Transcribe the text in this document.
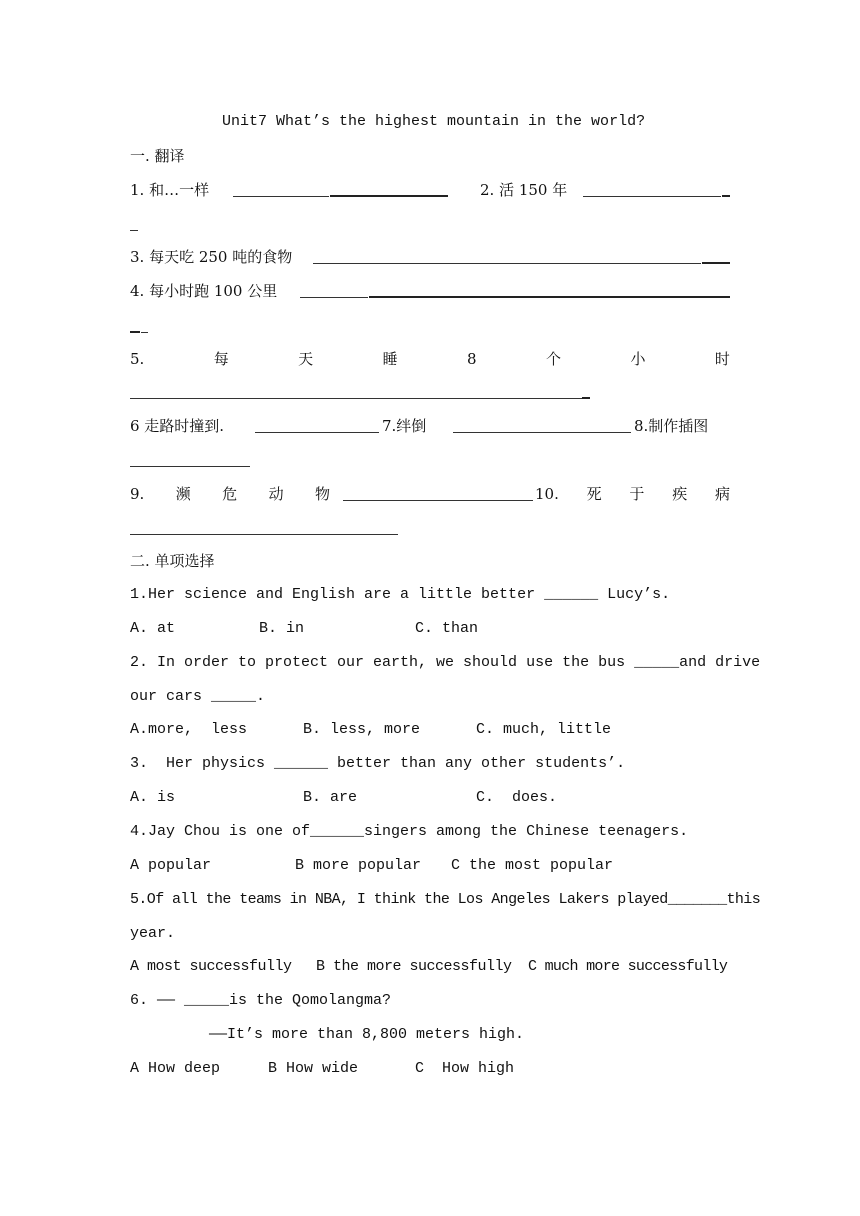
Unit7 What’s the highest mountain in the world?
一. 翻译
1. 和…一样	2. 活 150 年
3. 每天吃 250 吨的食物
4. 每小时跑 100 公里
5.	每	天	睡	8	个	小	时
6 走路时撞到.	7.绊倒	8.制作插图
9. 濒 危 动 物	10. 死 于 疾 病
二. 单项选择
1.Her science and English are a little better ______ Lucy’s.
A. at	B. in	C. than
2. In order to protect our earth, we should use the bus _____and drive
our cars _____.
A.more,  less	B. less, more	C. much, little
3.  Her physics ______ better than any other students’.
A. is	B. are	C.  does.
4.Jay Chou is one of______singers among the Chinese teenagers.
A popular	B more popular C the most popular
5.Of all the teams in NBA, I think the Los Angeles Lakers played_______this
year.
A most successfully B the more successfully C much more successfully
6. —— _____is the Qomolangma?
——It’s more than 8,800 meters high.
A How deep	B How wide	C  How high
